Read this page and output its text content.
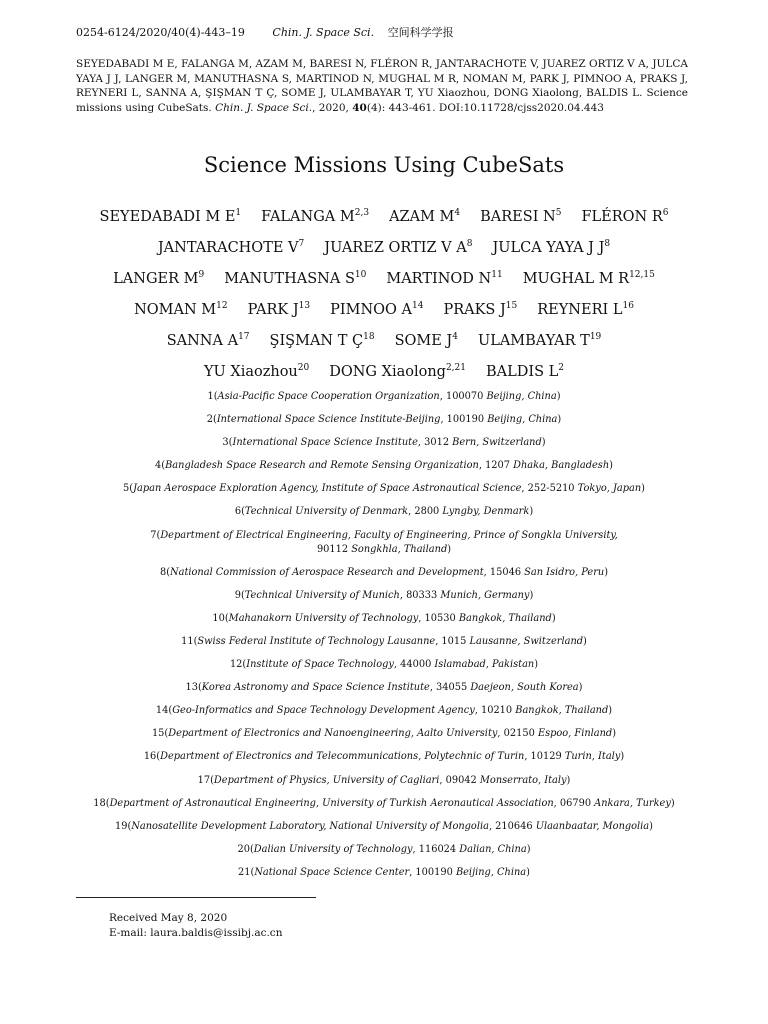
0254-6124/2020/40(4)-443–19	Chin. J. Space Sci. 空间科学学报
SEYEDABADI M E, FALANGA M, AZAM M, BARESI N, FLÉRON R, JANTARACHOTE V, JUAREZ ORTIZ V A, JULCA YAYA J J, LANGER M, MANUTHASNA S, MARTINOD N, MUGHAL M R, NOMAN M, PARK J, PIMNOO A, PRAKS J, REYNERI L, SANNA A, ŞIŞMAN T Ç, SOME J, ULAMBAYAR T, YU Xiaozhou, DONG Xiaolong, BALDIS L. Science missions using CubeSats. Chin. J. Space Sci., 2020, 40(4): 443-461. DOI:10.11728/cjss2020.04.443
Science Missions Using CubeSats
SEYEDABADI M $E^1$ FALANGA M$^{2,3}$ AZAM $M^4$ BARESI $N^5$ FLÉRON $R^6$
JANTARACHOTE $V^7$ JUAREZ ORTIZ V $A^8$ JULCA YAYA J $J^8$
LANGER $M^9$ MANUTHASNA $S^{10}$ MARTINOD $N^{11}$ MUGHAL M R$^{12,15}$
NOMAN $M^{12}$ PARK $J^{13}$ PIMNOO $A^{14}$ PRAKS $J^{15}$ REYNERI $L^{16}$
SANNA $A^{17}$ ŞIŞMAN T $Ç^{18}$ SOME $J^4$ ULAMBAYAR $T^{19}$
YU Xiaozhou$^{20}$ DONG Xiaolong$^{2,21}$ BALDIS $L^2$
1(Asia-Pacific Space Cooperation Organization, 100070 Beijing, China)
2(International Space Science Institute-Beijing, 100190 Beijing, China)
3(International Space Science Institute, 3012 Bern, Switzerland)
4(Bangladesh Space Research and Remote Sensing Organization, 1207 Dhaka, Bangladesh)
5(Japan Aerospace Exploration Agency, Institute of Space Astronautical Science, 252-5210 Tokyo, Japan)
6(Technical University of Denmark, 2800 Lyngby, Denmark)
7(Department of Electrical Engineering, Faculty of Engineering, Prince of Songkla University,
90112 Songkhla, Thailand)
8(National Commission of Aerospace Research and Development, 15046 San Isidro, Peru)
9(Technical University of Munich, 80333 Munich, Germany)
10(Mahanakorn University of Technology, 10530 Bangkok, Thailand)
11(Swiss Federal Institute of Technology Lausanne, 1015 Lausanne, Switzerland)
12(Institute of Space Technology, 44000 Islamabad, Pakistan)
13(Korea Astronomy and Space Science Institute, 34055 Daejeon, South Korea)
14(Geo-Informatics and Space Technology Development Agency, 10210 Bangkok, Thailand)
15(Department of Electronics and Nanoengineering, Aalto University, 02150 Espoo, Finland)
16(Department of Electronics and Telecommunications, Polytechnic of Turin, 10129 Turin, Italy)
17(Department of Physics, University of Cagliari, 09042 Monserrato, Italy)
18(Department of Astronautical Engineering, University of Turkish Aeronautical Association, 06790 Ankara, Turkey)
19(Nanosatellite Development Laboratory, National University of Mongolia, 210646 Ulaanbaatar, Mongolia)
20(Dalian University of Technology, 116024 Dalian, China)
21(National Space Science Center, 100190 Beijing, China)
Received May 8, 2020
E-mail: laura.baldis@issibj.ac.cn
